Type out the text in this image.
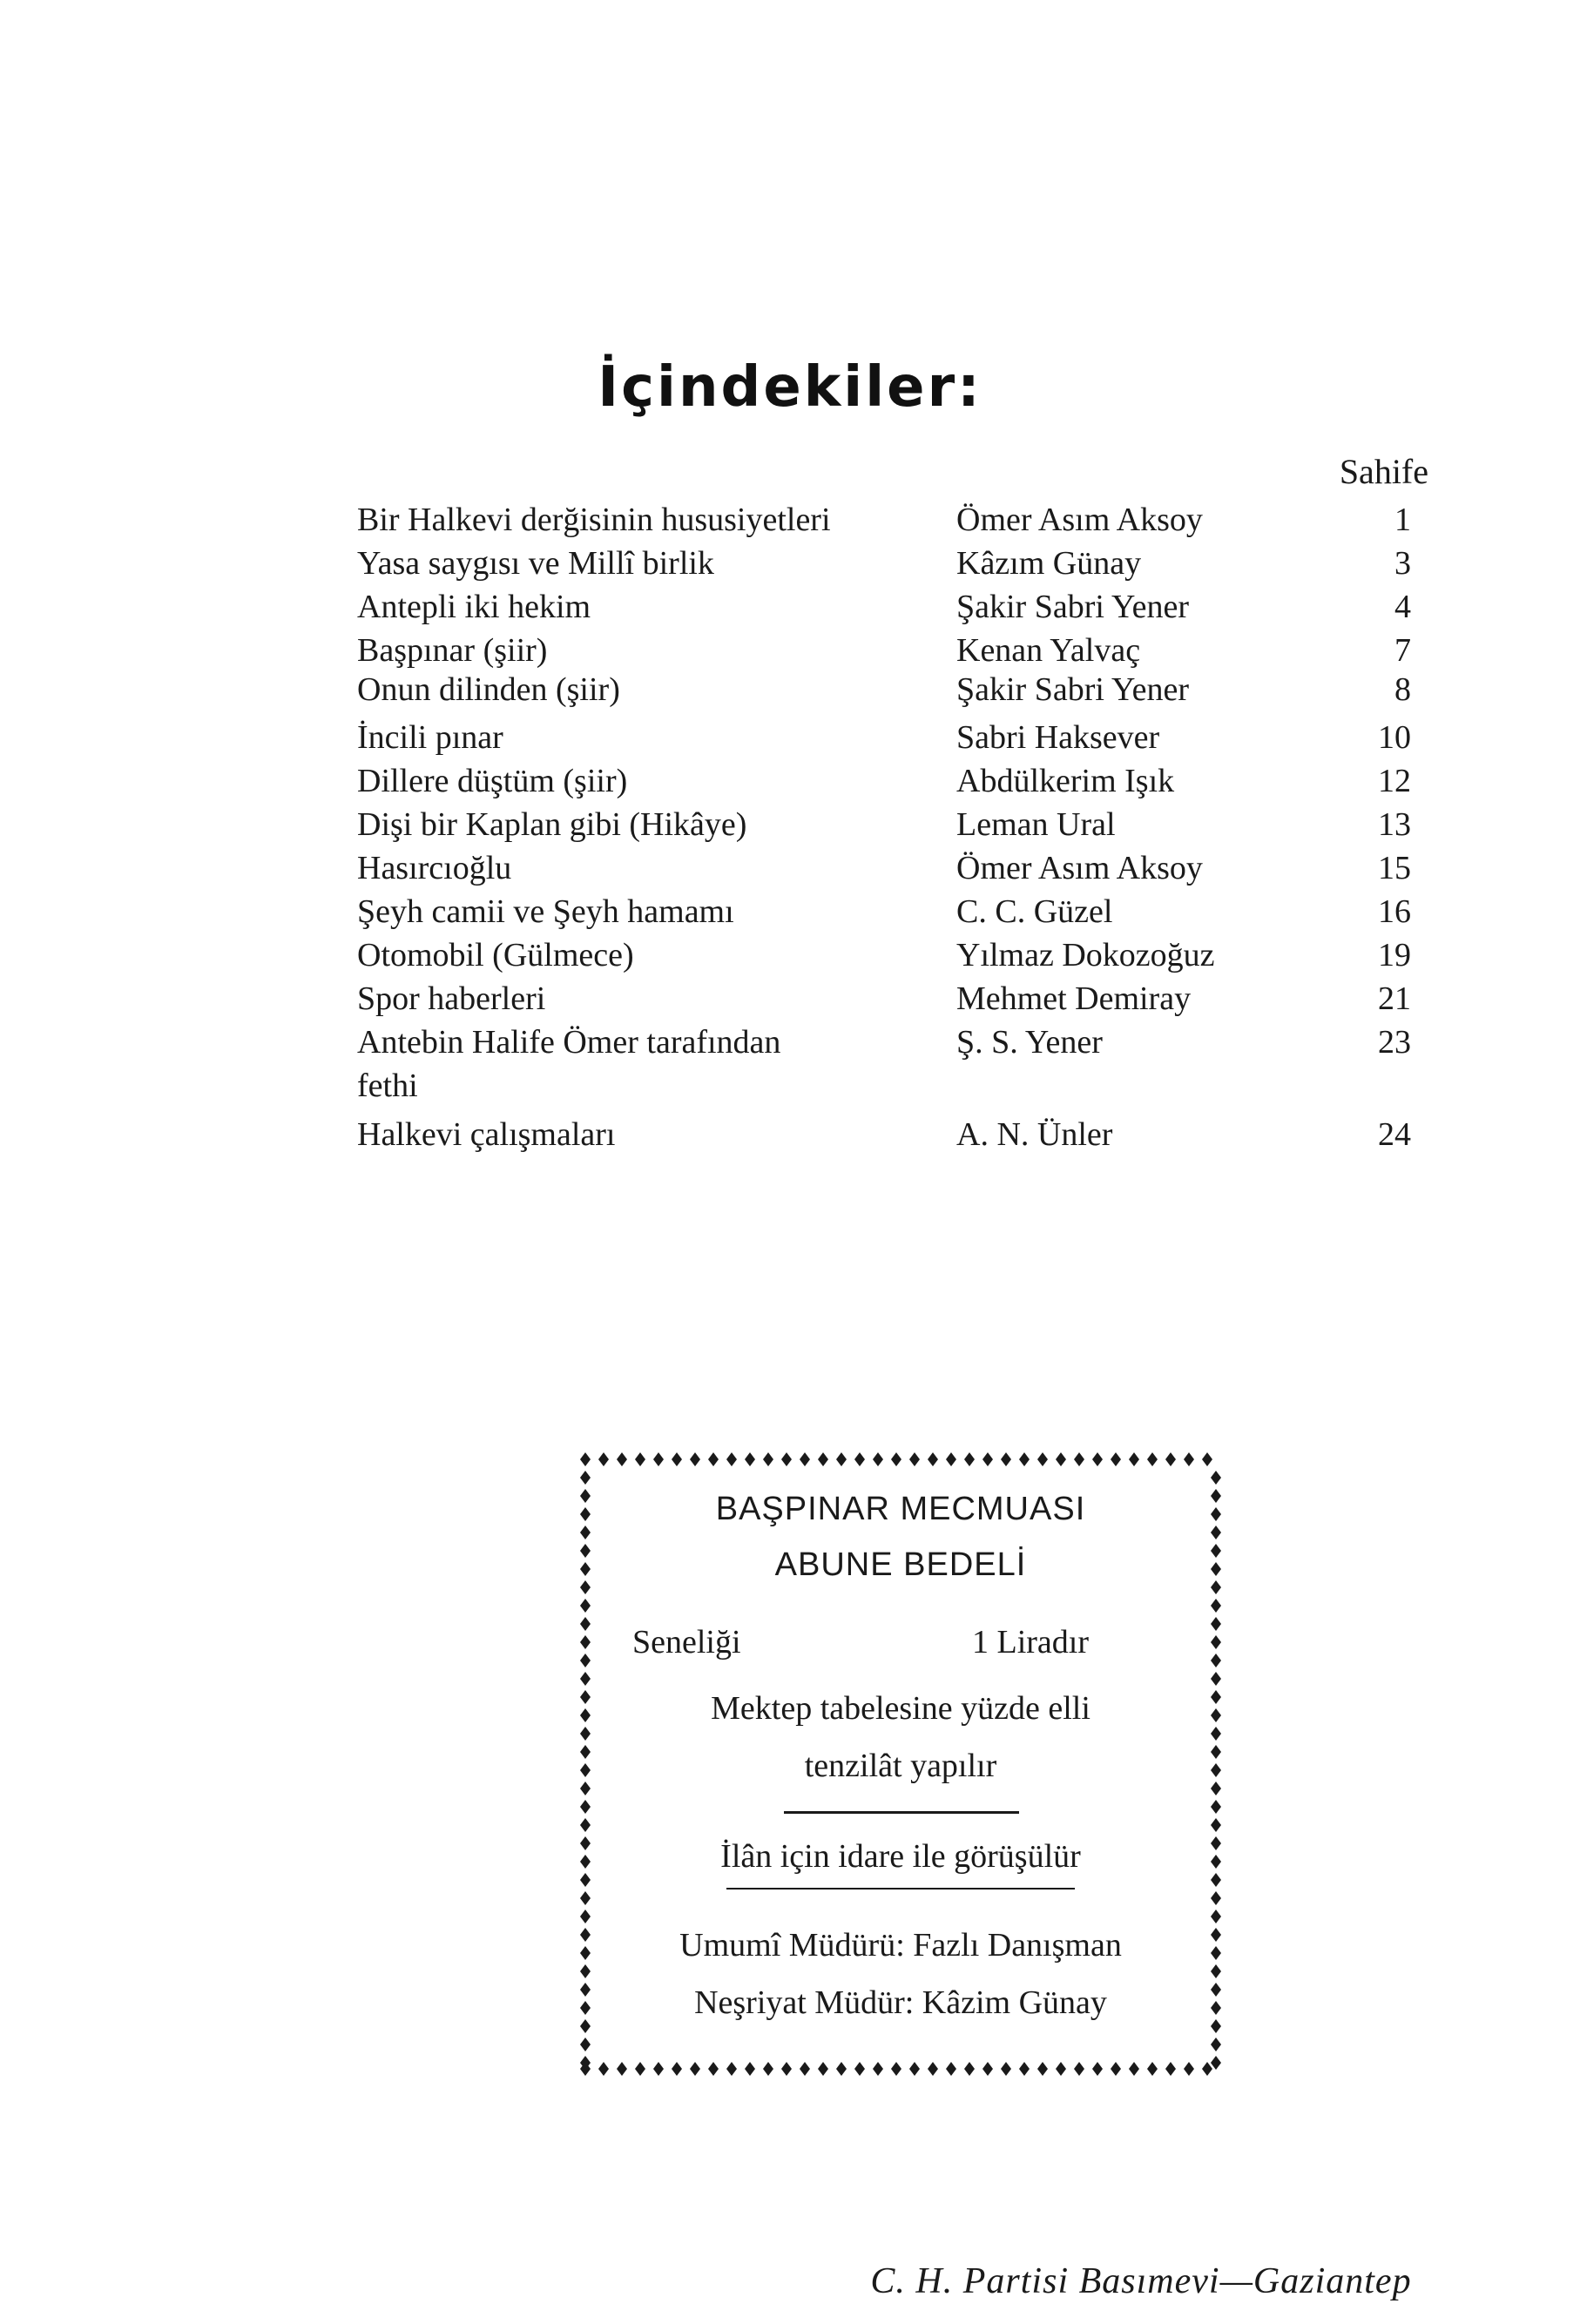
İçindekiler:
Sahife
Bir Halkevi derğisinin hususiyetleri	Ömer Asım Aksoy	1
Yasa saygısı ve Millî birlik	Kâzım Günay	3
Antepli iki hekim	Şakir Sabri Yener	4
Başpınar (şiir)	Kenan Yalvaç	7
Onun dilinden (şiir)	Şakir Sabri Yener	8
İncili pınar	Sabri Haksever	10
Dillere düştüm (şiir)	Abdülkerim Işık	12
Dişi bir Kaplan gibi (Hikâye)	Leman Ural	13
Hasırcıoğlu	Ömer Asım Aksoy	15
Şeyh camii ve Şeyh hamamı	C. C. Güzel	16
Otomobil (Gülmece)	Yılmaz Dokozoğuz	19
Spor haberleri	Mehmet Demiray	21
Antebin Halife Ömer tarafından	Ş. S. Yener	23
fethi
Halkevi çalışmaları	A. N. Ünler	24
BAŞPINAR MECMUASI
ABUNE BEDELİ
Seneliği	1 Liradır
Mektep tabelesine yüzde elli
tenzilât yapılır
İlân için idare ile görüşülür
Umumî Müdürü: Fazlı Danışman
Neşriyat Müdür: Kâzim Günay
C. H. Partisi Basımevi—Gaziantep
